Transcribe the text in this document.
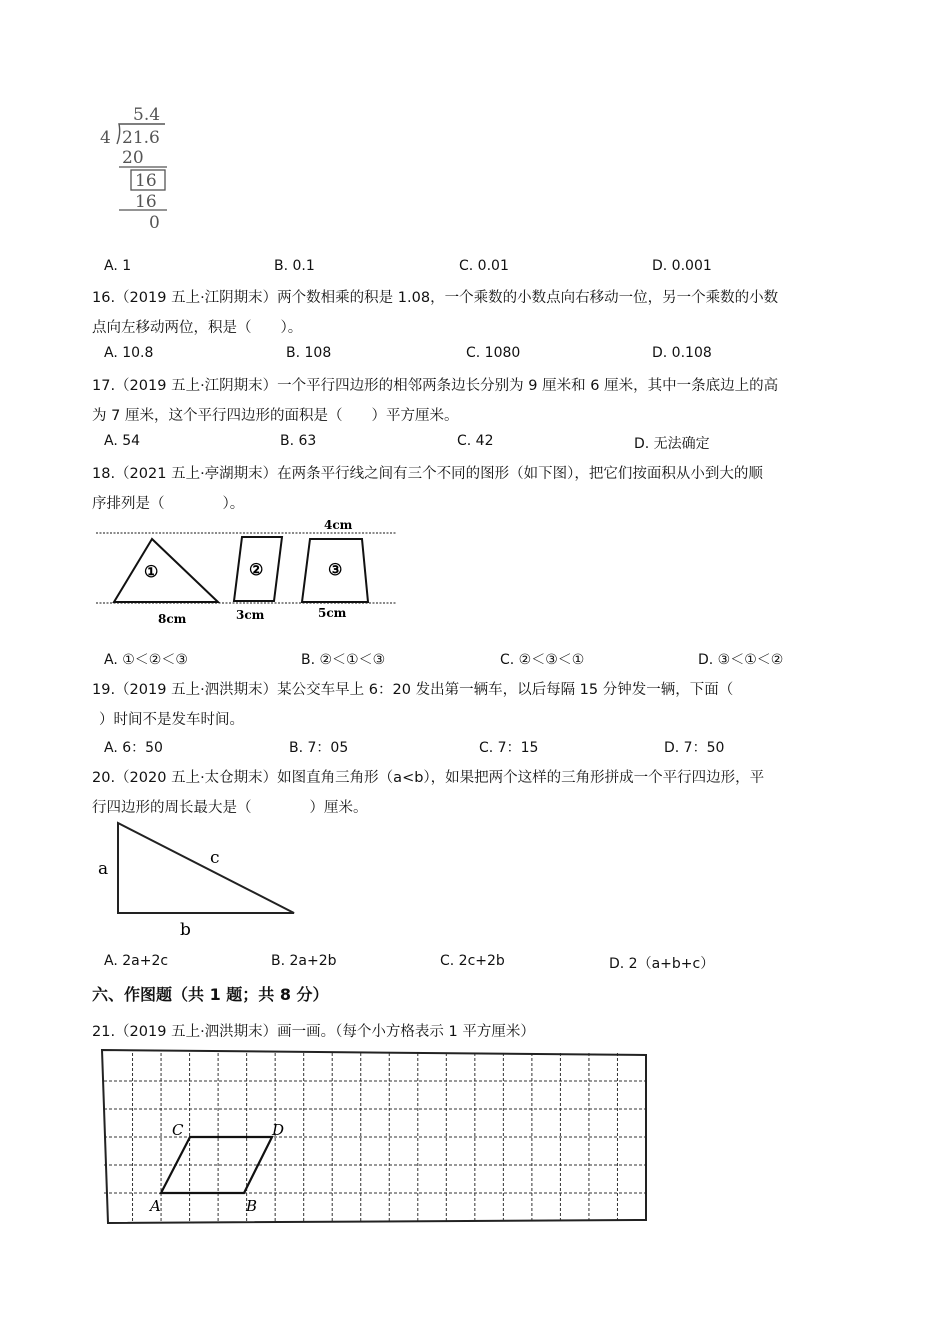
5.4
4 21.6
20
16
16
0
A. 1	B. 0.1	C. 0.01	D. 0.001
16.（2019 五上·江阴期末）两个数相乘的积是 1.08，一个乘数的小数点向右移动一位，另一个乘数的小数
点向左移动两位，积是（　　）。
A. 10.8	B. 108	C. 1080	D. 0.108
17.（2019 五上·江阴期末）一个平行四边形的相邻两条边长分别为 9 厘米和 6 厘米，其中一条底边上的高
为 7 厘米，这个平行四边形的面积是（　　）平方厘米。
A. 54	B. 63	C. 42	D. 无法确定
18.（2021 五上·亭湖期末）在两条平行线之间有三个不同的图形（如下图），把它们按面积从小到大的顺
序排列是（　　　　）。
①	②	③
4cm
8cm	3cm	5cm
A. ①＜②＜③	B. ②＜①＜③	C. ②＜③＜①	D. ③＜①＜②
19.（2019 五上·泗洪期末）某公交车早上 6：20 发出第一辆车，以后每隔 15 分钟发一辆，下面（
）时间不是发车时间。
A. 6：50	B. 7：05	C. 7：15	D. 7：50
20.（2020 五上·太仓期末）如图直角三角形（a<b），如果把两个这样的三角形拼成一个平行四边形，平
行四边形的周长最大是（　　　　）厘米。
a
c
b
A. 2a+2c	B. 2a+2b	C. 2c+2b	D. 2（a+b+c）
六、作图题（共 1 题；共 8 分）
21.（2019 五上·泗洪期末）画一画。（每个小方格表示 1 平方厘米）
A	B
C	D
